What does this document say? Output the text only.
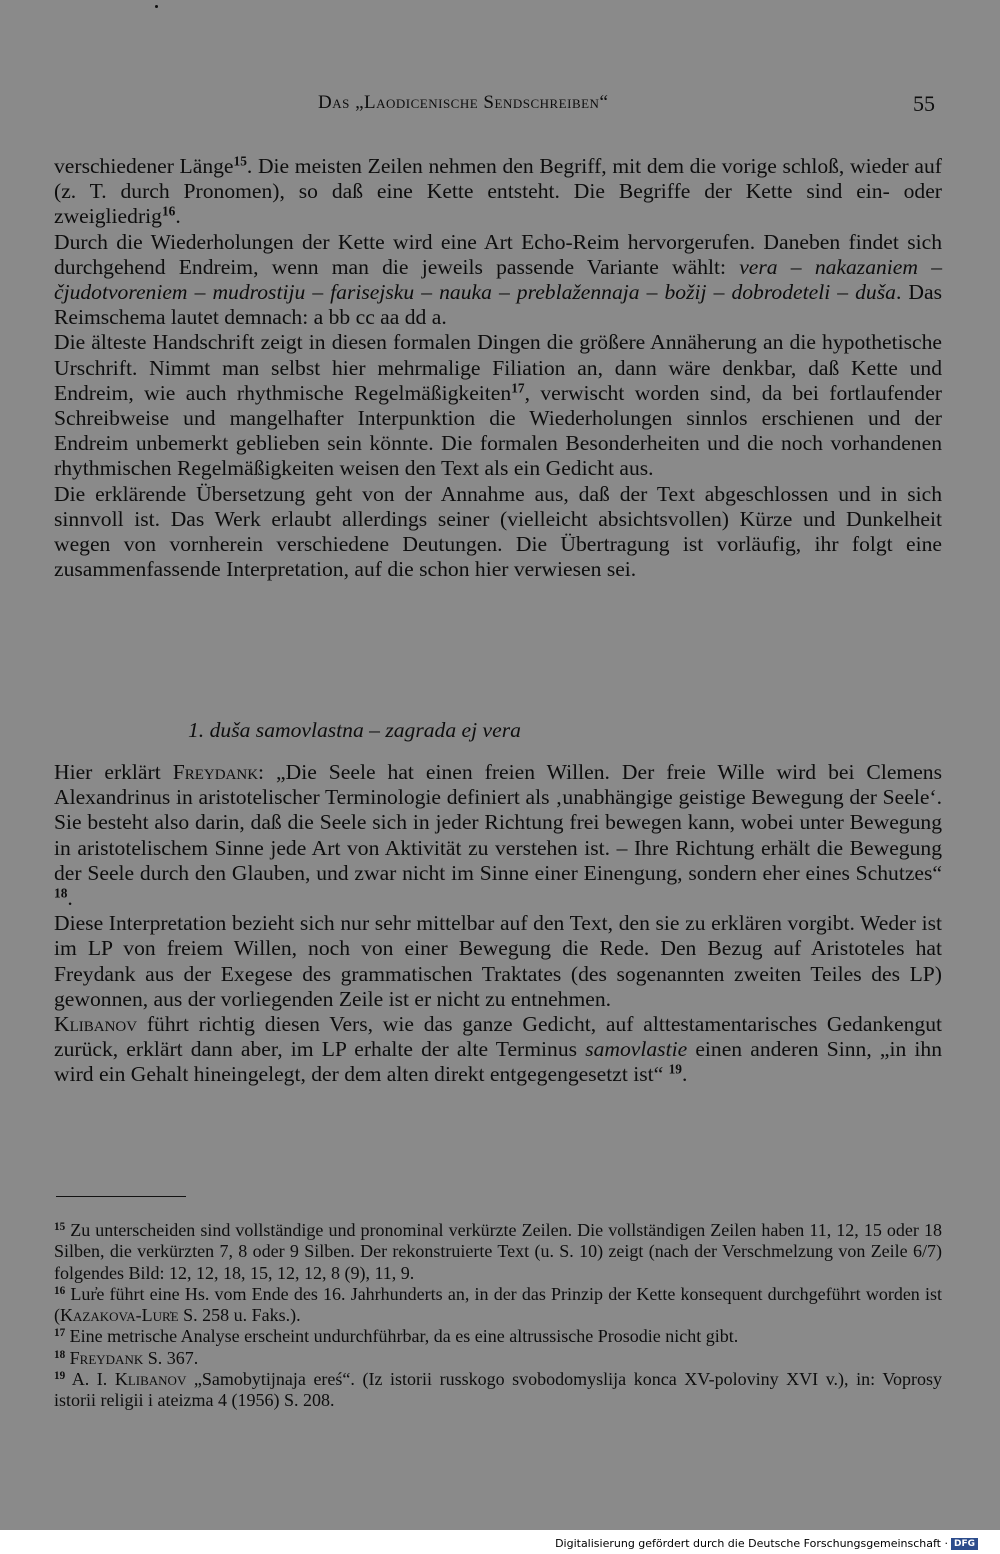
Das „Laodicenische Sendschreiben“	55

verschiedener Länge$^{15}$. Die meisten Zeilen nehmen den Begriff, mit dem die vorige schloß, wieder auf (z. T. durch Pronomen), so daß eine Kette entsteht. Die Begriffe der Kette sind ein- oder zweigliedrig$^{16}$.

Durch die Wiederholungen der Kette wird eine Art Echo-Reim hervorgerufen. Daneben findet sich durchgehend Endreim, wenn man die jeweils passende Variante wählt: vera – nakazaniem – čjudotvoreniem – mudrostiju – farisejsku – nauka – preblažennaja – božij – dobrodeteli – duša. Das Reimschema lautet demnach: a bb cc aa dd a.

Die älteste Handschrift zeigt in diesen formalen Dingen die größere Annäherung an die hypothetische Urschrift. Nimmt man selbst hier mehrmalige Filiation an, dann wäre denkbar, daß Kette und Endreim, wie auch rhythmische Regelmäßigkeiten$^{17}$, verwischt worden sind, da bei fortlaufender Schreibweise und mangelhafter Interpunktion die Wiederholungen sinnlos erschienen und der Endreim unbemerkt geblieben sein könnte. Die formalen Besonderheiten und die noch vorhandenen rhythmischen Regelmäßigkeiten weisen den Text als ein Gedicht aus.

Die erklärende Übersetzung geht von der Annahme aus, daß der Text abgeschlossen und in sich sinnvoll ist. Das Werk erlaubt allerdings seiner (vielleicht absichtsvollen) Kürze und Dunkelheit wegen von vornherein verschiedene Deutungen. Die Übertragung ist vorläufig, ihr folgt eine zusammenfassende Interpretation, auf die schon hier verwiesen sei.

1. duša samovlastna – zagrada ej vera

Hier erklärt Freydank: „Die Seele hat einen freien Willen. Der freie Wille wird bei Clemens Alexandrinus in aristotelischer Terminologie definiert als ‚unabhängige geistige Bewegung der Seele‘. Sie besteht also darin, daß die Seele sich in jeder Richtung frei bewegen kann, wobei unter Bewegung in aristotelischem Sinne jede Art von Aktivität zu verstehen ist. – Ihre Richtung erhält die Bewegung der Seele durch den Glauben, und zwar nicht im Sinne einer Einengung, sondern eher eines Schutzes“ $^{18}$.

Diese Interpretation bezieht sich nur sehr mittelbar auf den Text, den sie zu erklären vorgibt. Weder ist im LP von freiem Willen, noch von einer Bewegung die Rede. Den Bezug auf Aristoteles hat Freydank aus der Exegese des grammatischen Traktates (des sogenannten zweiten Teiles des LP) gewonnen, aus der vorliegenden Zeile ist er nicht zu entnehmen.

Klibanov führt richtig diesen Vers, wie das ganze Gedicht, auf alttestamentarisches Gedankengut zurück, erklärt dann aber, im LP erhalte der alte Terminus samovlastie einen anderen Sinn, „in ihn wird ein Gehalt hineingelegt, der dem alten direkt entgegengesetzt ist“ $^{19}$.

$^{15}$ Zu unterscheiden sind vollständige und pronominal verkürzte Zeilen. Die vollständigen Zeilen haben 11, 12, 15 oder 18 Silben, die verkürzten 7, 8 oder 9 Silben. Der rekonstruierte Text (u. S. 10) zeigt (nach der Verschmelzung von Zeile 6/7) folgendes Bild: 12, 12, 18, 15, 12, 12, 8 (9), 11, 9.

$^{16}$ Lur̓e führt eine Hs. vom Ende des 16. Jahrhunderts an, in der das Prinzip der Kette konsequent durchgeführt worden ist (Kazakova-Lur̓e S. 258 u. Faks.).

$^{17}$ Eine metrische Analyse erscheint undurchführbar, da es eine altrussische Prosodie nicht gibt.

$^{18}$ Freydank S. 367.

$^{19}$ A. I. Klibanov „Samobytijnaja ereś“. (Iz istorii russkogo svobodomyslija konca XV-poloviny XVI v.), in: Voprosy istorii religii i ateizma 4 (1956) S. 208.

Digitalisierung gefördert durch die Deutsche Forschungsgemeinschaft · DFG
